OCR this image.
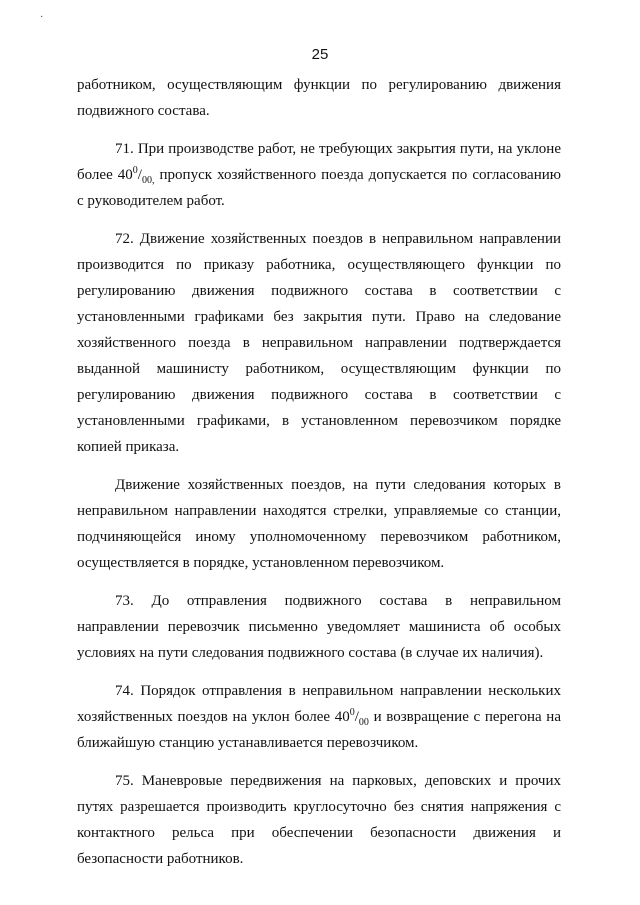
·
25

работником, осуществляющим функции по регулированию движения подвижного состава.

71. При производстве работ, не требующих закрытия пути, на уклоне более $40^0/_{00,}$ пропуск хозяйственного поезда допускается по согласованию с руководителем работ.

72. Движение хозяйственных поездов в неправильном направлении производится по приказу работника, осуществляющего функции по регулированию движения подвижного состава в соответствии с установленными графиками без закрытия пути. Право на следование хозяйственного поезда в неправильном направлении подтверждается выданной машинисту работником, осуществляющим функции по регулированию движения подвижного состава в соответствии с установленными графиками, в установленном перевозчиком порядке копией приказа.

Движение хозяйственных поездов, на пути следования которых в неправильном направлении находятся стрелки, управляемые со станции, подчиняющейся иному уполномоченному перевозчиком работником, осуществляется в порядке, установленном перевозчиком.

73. До отправления подвижного состава в неправильном направлении перевозчик письменно уведомляет машиниста об особых условиях на пути следования подвижного состава (в случае их наличия).

74. Порядок отправления в неправильном направлении нескольких хозяйственных поездов на уклон более $40^0/_{00}$ и возвращение с перегона на ближайшую станцию устанавливается перевозчиком.

75. Маневровые передвижения на парковых, деповских и прочих путях разрешается производить круглосуточно без снятия напряжения с контактного рельса при обеспечении безопасности движения и безопасности работников.
